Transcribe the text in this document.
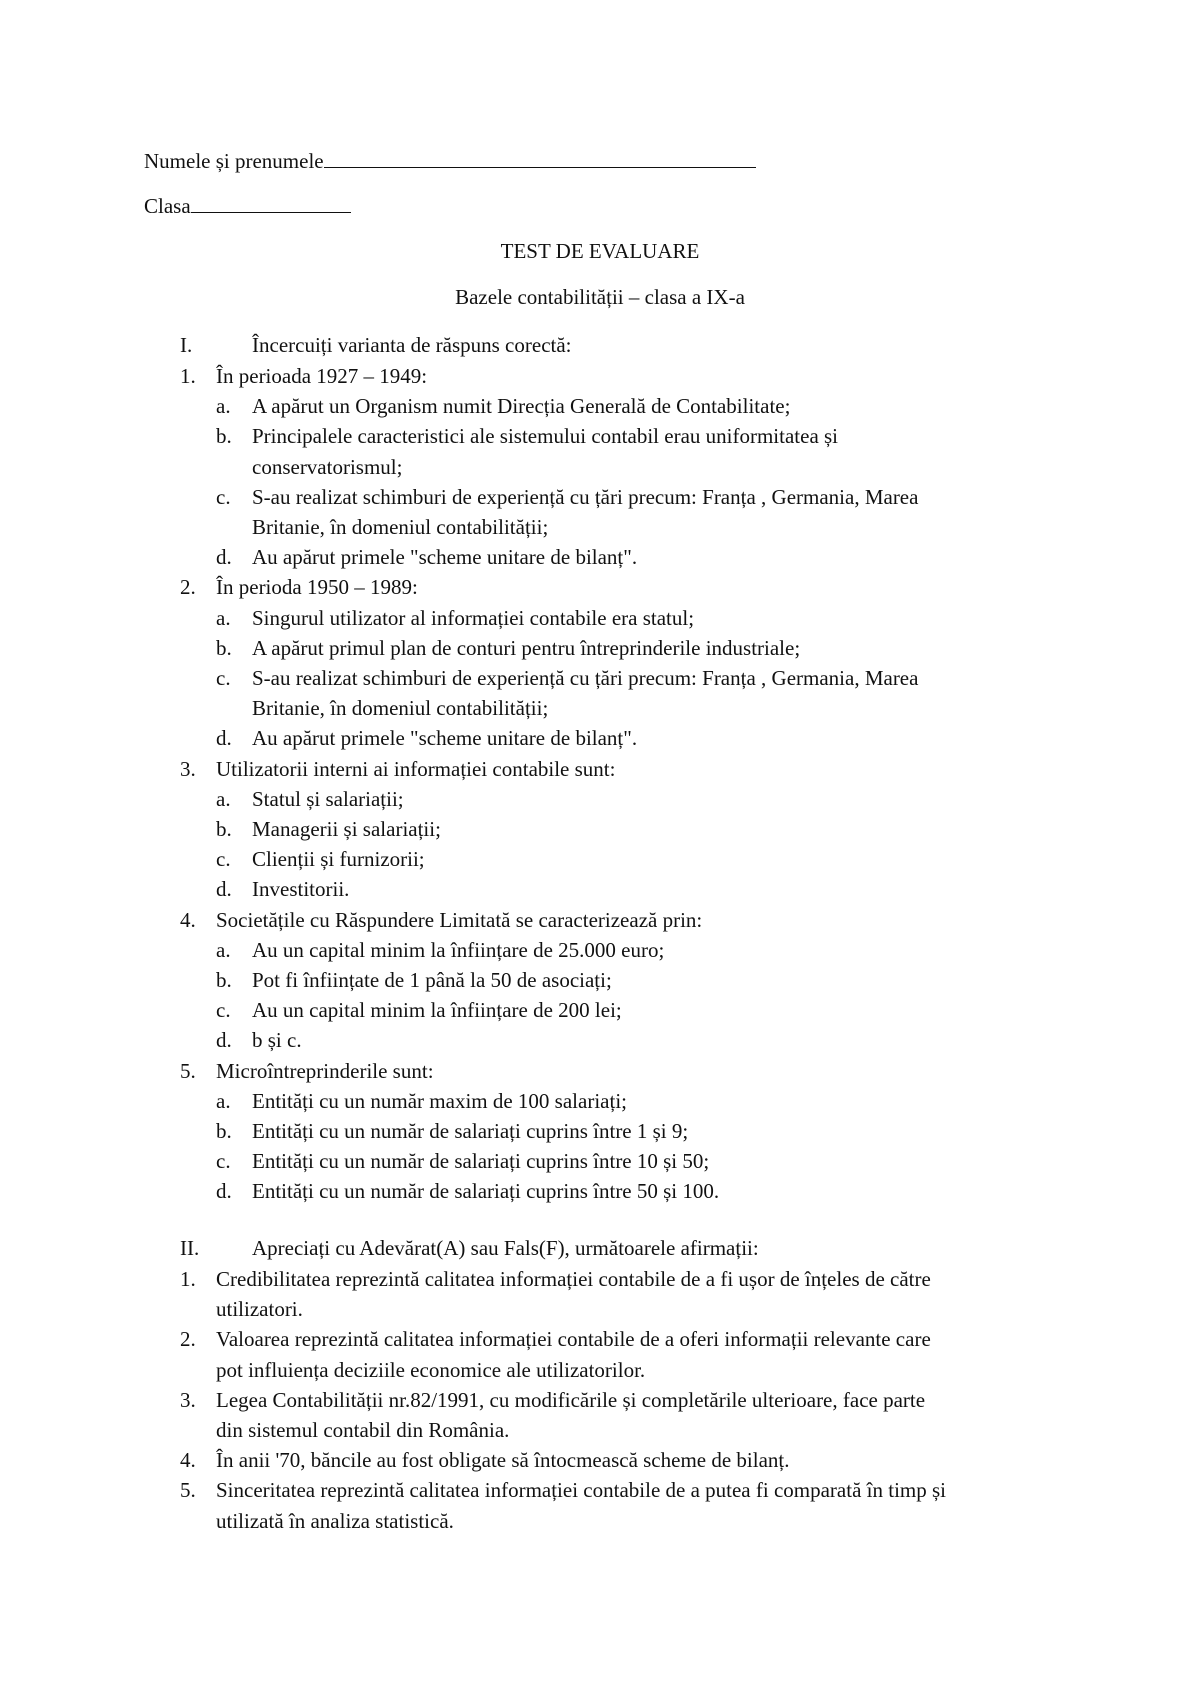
Numele și prenumele
Clasa
TEST DE EVALUARE
Bazele contabilității – clasa a IX-a
I.	Încercuiți varianta de răspuns corectă:
1. În perioada 1927 – 1949:
a. A apărut un Organism numit Direcția Generală de Contabilitate;
b. Principalele caracteristici ale sistemului contabil erau uniformitatea și
conservatorismul;
c. S-au realizat schimburi de experiență cu țări precum: Franța , Germania, Marea
Britanie, în domeniul contabilității;
d. Au apărut primele "scheme unitare de bilanț".
2. În perioda 1950 – 1989:
a. Singurul utilizator al informației contabile era statul;
b. A apărut primul plan de conturi pentru întreprinderile industriale;
c. S-au realizat schimburi de experiență cu țări precum: Franța , Germania, Marea
Britanie, în domeniul contabilității;
d. Au apărut primele "scheme unitare de bilanț".
3. Utilizatorii interni ai informației contabile sunt:
a. Statul și salariații;
b. Managerii și salariații;
c. Clienții și furnizorii;
d. Investitorii.
4. Societățile cu Răspundere Limitată se caracterizează prin:
a. Au un capital minim la înființare de 25.000 euro;
b. Pot fi înființate de 1 până la 50 de asociați;
c. Au un capital minim la înființare de 200 lei;
d. b și c.
5. Microîntreprinderile sunt:
a. Entități cu un număr maxim de 100 salariați;
b. Entități cu un număr de salariați cuprins între 1 și 9;
c. Entități cu un număr de salariați cuprins între 10 și 50;
d. Entități cu un număr de salariați cuprins între 50 și 100.
II.	Apreciați cu Adevărat(A) sau Fals(F), următoarele afirmații:
1. Credibilitatea reprezintă calitatea informației contabile de a fi ușor de înțeles de către
utilizatori.
2. Valoarea reprezintă calitatea informației contabile de a oferi informații relevante care
pot influiența deciziile economice ale utilizatorilor.
3. Legea Contabilității nr.82/1991, cu modificările și completările ulterioare, face parte
din sistemul contabil din România.
4. În anii '70, băncile au fost obligate să întocmească scheme de bilanț.
5. Sinceritatea reprezintă calitatea informației contabile de a putea fi comparată în timp și
utilizată în analiza statistică.
